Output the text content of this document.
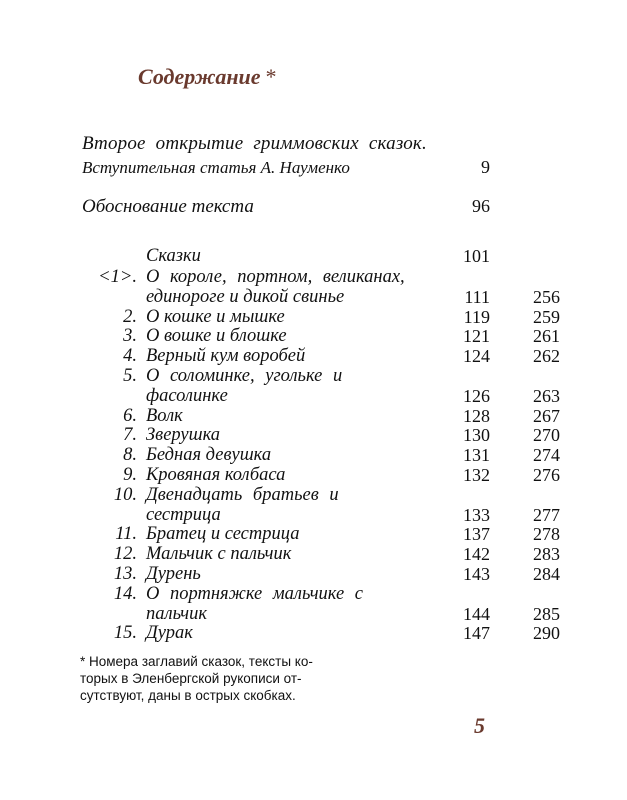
Содержание *
Второе открытие гриммовских сказок.
Вступительная статья А. Науменко	9
Обоснование текста	96
Сказки	101
<1>. О короле, портном, великанах,
единороге и дикой свинье	111	256
2. О кошке и мышке	119	259
3. О вошке и блошке	121	261
4. Верный кум воробей	124	262
5. О соломинке, угольке и
фасолинке	126	263
6. Волк	128	267
7. Зверушка	130	270
8. Бедная девушка	131	274
9. Кровяная колбаса	132	276
10. Двенадцать братьев и
сестрица	133	277
11. Братец и сестрица	137	278
12. Мальчик с пальчик	142	283
13. Дурень	143	284
14. О портняжке мальчике с
пальчик	144	285
15. Дурак	147	290
* Номера заглавий сказок, тексты ко-
торых в Эленбергской рукописи от-
сутствуют, даны в острых скобках.
5
